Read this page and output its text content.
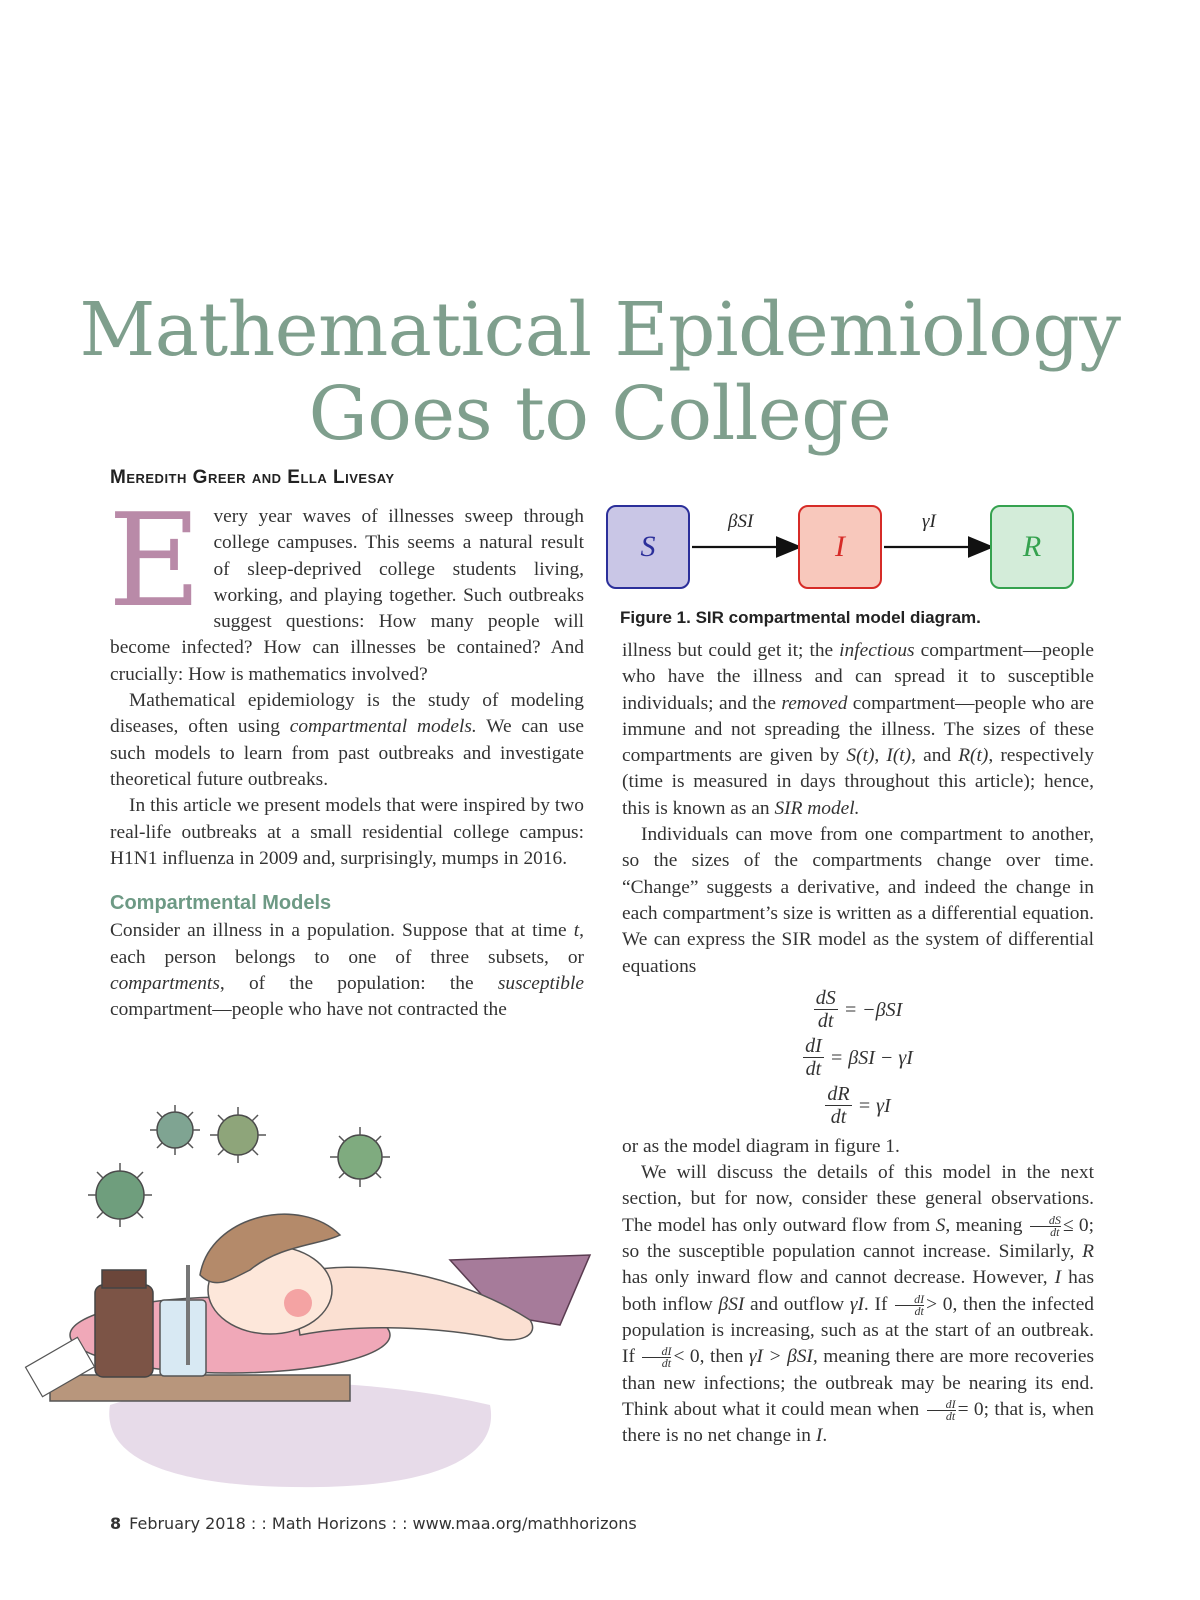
Mathematical Epidemiology
Goes to College
Meredith Greer and Ella Livesay

Every year waves of illnesses sweep through college campuses. This seems a natural result of sleep-deprived college students living, working, and playing together. Such outbreaks suggest questions: How many people will become infected? How can illnesses be contained? And crucially: How is mathematics involved?

Mathematical epidemiology is the study of modeling diseases, often using compartmental models. We can use such models to learn from past outbreaks and investigate theoretical future outbreaks.

In this article we present models that were inspired by two real-life outbreaks at a small residential college campus: H1N1 influenza in 2009 and, surprisingly, mumps in 2016.

Compartmental Models

Consider an illness in a population. Suppose that at time t, each person belongs to one of three subsets, or compartments, of the population: the susceptible compartment—people who have not contracted the

S	I	R
βSI	γI
Figure 1. SIR compartmental model diagram.

illness but could get it; the infectious compartment—people who have the illness and can spread it to susceptible individuals; and the removed compartment—people who are immune and not spreading the illness. The sizes of these compartments are given by S(t), I(t), and R(t), respectively (time is measured in days throughout this article); hence, this is known as an SIR model.

Individuals can move from one compartment to another, so the sizes of the compartments change over time. “Change” suggests a derivative, and indeed the change in each compartment’s size is written as a differential equation. We can express the SIR model as the system of differential equations

$\frac{dS}{dt} = -\beta SI$
$\frac{dI}{dt} = \beta SI - \gamma I$
$\frac{dR}{dt} = \gamma I$

or as the model diagram in figure 1.

We will discuss the details of this model in the next section, but for now, consider these general observations. The model has only outward flow from S, meaning $\frac{dS}{dt} \le 0$; so the susceptible population cannot increase. Similarly, R has only inward flow and cannot decrease. However, I has both inflow βSI and outflow γI. If $\frac{dI}{dt} > 0$, then the infected population is increasing, such as at the start of an outbreak. If $\frac{dI}{dt} < 0$, then γI > βSI, meaning there are more recoveries than new infections; the outbreak may be nearing its end. Think about what it could mean when $\frac{dI}{dt} = 0$; that is, when there is no net change in I.

8 February 2018 : : Math Horizons : : www.maa.org/mathhorizons
